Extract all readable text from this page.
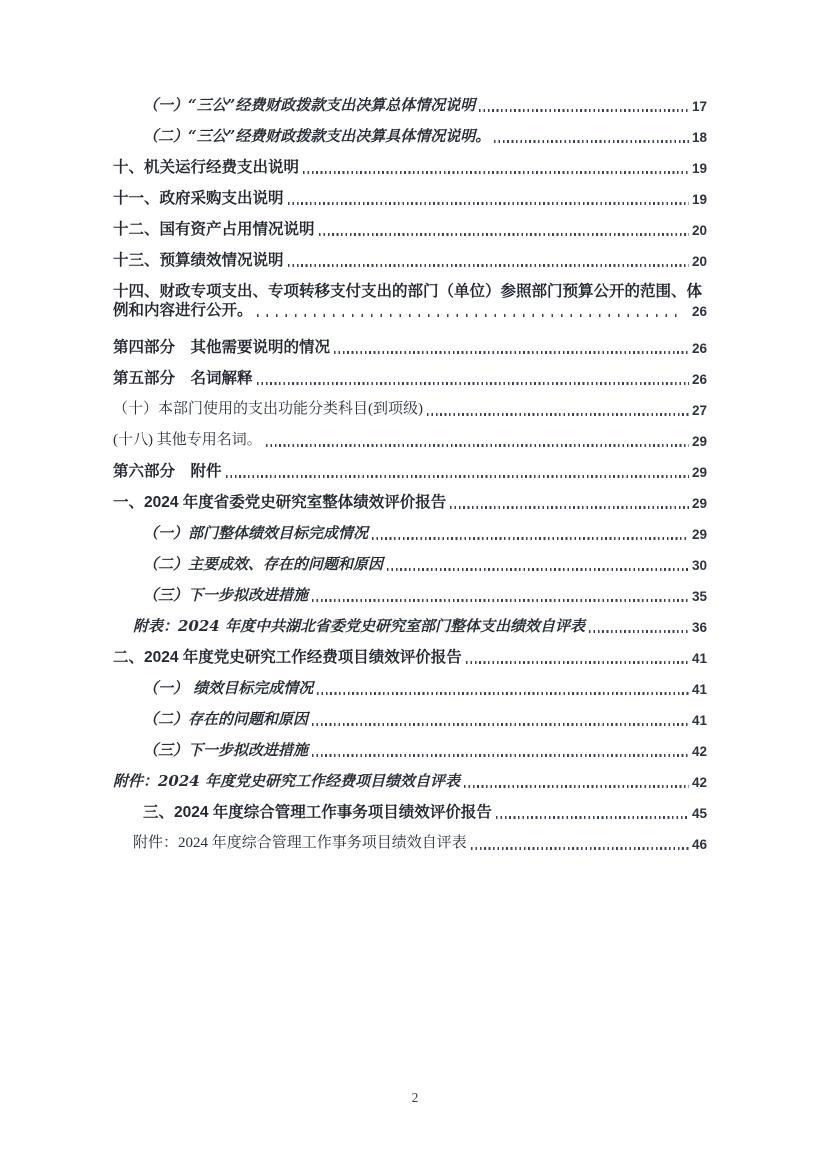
（一）“三公”经费财政拨款支出决算总体情况说明	17
（二）“三公”经费财政拨款支出决算具体情况说明。	18
十、机关运行经费支出说明	19
十一、政府采购支出说明	19
十二、国有资产占用情况说明	20
十三、预算绩效情况说明	20
十四、财政专项支出、专项转移支付支出的部门（单位）参照部门预算公开的范围、体
例和内容进行公开。	26
第四部分　其他需要说明的情况	26
第五部分　名词解释	26
（十）本部门使用的支出功能分类科目(到项级)	27
(十八) 其他专用名词。	29
第六部分　附件	29
一、2024 年度省委党史研究室整体绩效评价报告	29
（一）部门整体绩效目标完成情况	29
（二）主要成效、存在的问题和原因	30
（三）下一步拟改进措施	35
附表：2024 年度中共湖北省委党史研究室部门整体支出绩效自评表	36
二、2024 年度党史研究工作经费项目绩效评价报告	41
（一） 绩效目标完成情况	41
（二）存在的问题和原因	41
（三）下一步拟改进措施	42
附件：2024 年度党史研究工作经费项目绩效自评表	42
三、2024 年度综合管理工作事务项目绩效评价报告	45
附件：2024 年度综合管理工作事务项目绩效自评表	46
2
